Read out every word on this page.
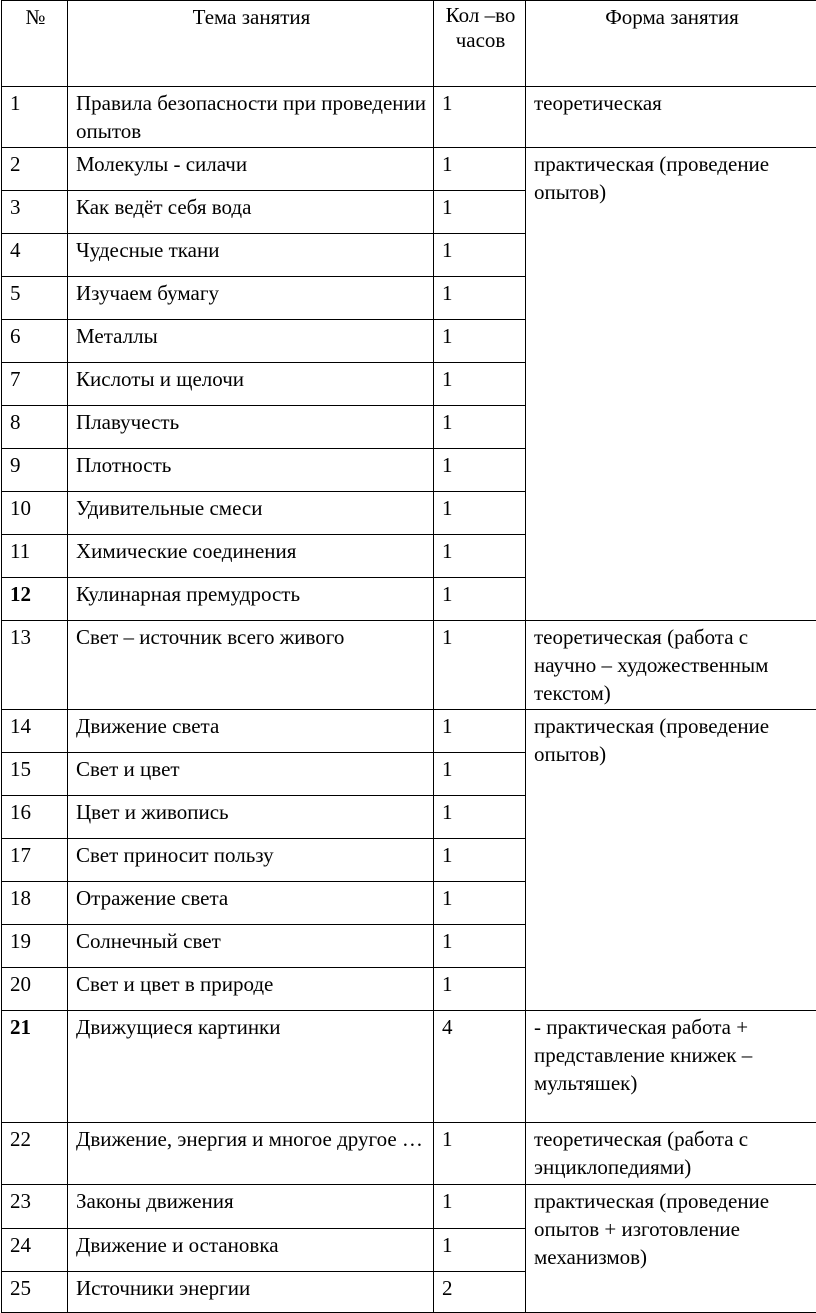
№	Тема занятия	Кол –во часов	Форма занятия
1	Правила безопасности при проведении опытов	1	теоретическая
2	Молекулы - силачи	1	практическая (проведение опытов)
3	Как ведёт себя вода	1	
4	Чудесные ткани	1	
5	Изучаем бумагу	1	
6	Металлы	1	
7	Кислоты и щелочи	1	
8	Плавучесть	1	
9	Плотность	1	
10	Удивительные смеси	1	
11	Химические соединения	1	
12	Кулинарная премудрость	1	
13	Свет – источник всего живого	1	теоретическая (работа с научно – художественным текстом)
14	Движение света	1	практическая (проведение опытов)
15	Свет и цвет	1	
16	Цвет и живопись	1	
17	Свет приносит пользу	1	
18	Отражение света	1	
19	Солнечный свет	1	
20	Свет и цвет в природе	1	
21	Движущиеся картинки	4	- практическая работа + представление книжек – мультяшек)
22	Движение, энергия и многое другое …	1	теоретическая (работа с энциклопедиями)
23	Законы движения	1	практическая (проведение опытов + изготовление механизмов)
24	Движение и остановка	1	
25	Источники энергии	2	
